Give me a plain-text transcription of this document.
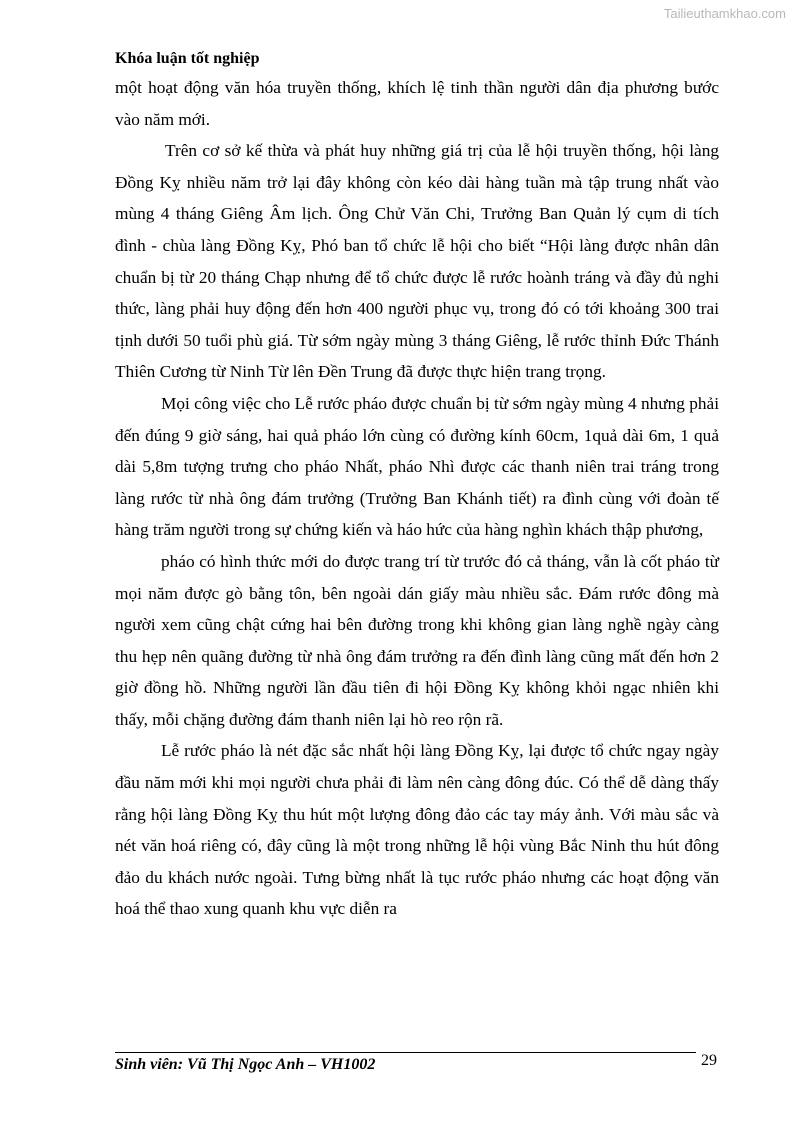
Tailieuthamkhao.com
Khóa luận tốt nghiệp

một hoạt động văn hóa truyền thống, khích lệ tinh thần người dân địa phương bước vào năm mới.

Trên cơ sở kế thừa và phát huy những giá trị của lễ hội truyền thống, hội làng Đồng Kỵ nhiều năm trở lại đây không còn kéo dài hàng tuần mà tập trung nhất vào mùng 4 tháng Giêng Âm lịch. Ông Chử Văn Chi, Trưởng Ban Quản lý cụm di tích đình - chùa làng Đồng Kỵ, Phó ban tổ chức lễ hội cho biết “Hội làng được nhân dân chuẩn bị từ 20 tháng Chạp nhưng để tổ chức được lễ rước hoành tráng và đầy đủ nghi thức, làng phải huy động đến hơn 400 người phục vụ, trong đó có tới khoảng 300 trai tịnh dưới 50 tuổi phù giá. Từ sớm ngày mùng 3 tháng Giêng, lễ rước thỉnh Đức Thánh Thiên Cương từ Ninh Từ lên Đền Trung đã được thực hiện trang trọng.

Mọi công việc cho Lễ rước pháo được chuẩn bị từ sớm ngày mùng 4 nhưng phải đến đúng 9 giờ sáng, hai quả pháo lớn cùng có đường kính 60cm, 1quả dài 6m, 1 quả dài 5,8m tượng trưng cho pháo Nhất, pháo Nhì được các thanh niên trai tráng trong làng rước từ nhà ông đám trưởng (Trưởng Ban Khánh tiết) ra đình cùng với đoàn tế hàng trăm người trong sự chứng kiến và háo hức của hàng nghìn khách thập phương,

pháo có hình thức mới do được trang trí từ trước đó cả tháng, vẫn là cốt pháo từ mọi năm được gò bằng tôn, bên ngoài dán giấy màu nhiều sắc. Đám rước đông mà người xem cũng chật cứng hai bên đường trong khi không gian làng nghề ngày càng thu hẹp nên quãng đường từ nhà ông đám trưởng ra đến đình làng cũng mất đến hơn 2 giờ đồng hồ. Những người lần đầu tiên đi hội Đồng Kỵ không khỏi ngạc nhiên khi thấy, mỗi chặng đường đám thanh niên lại hò reo rộn rã.

Lễ rước pháo là nét đặc sắc nhất hội làng Đồng Kỵ, lại được tổ chức ngay ngày đầu năm mới khi mọi người chưa phải đi làm nên càng đông đúc. Có thể dễ dàng thấy rằng hội làng Đồng Kỵ thu hút một lượng đông đảo các tay máy ảnh. Với màu sắc và nét văn hoá riêng có, đây cũng là một trong những lễ hội vùng Bắc Ninh thu hút đông đảo du khách nước ngoài. Tưng bừng nhất là tục rước pháo nhưng các hoạt động văn hoá thể thao xung quanh khu vực diễn ra

Sinh viên: Vũ Thị Ngọc Anh – VH1002	29
